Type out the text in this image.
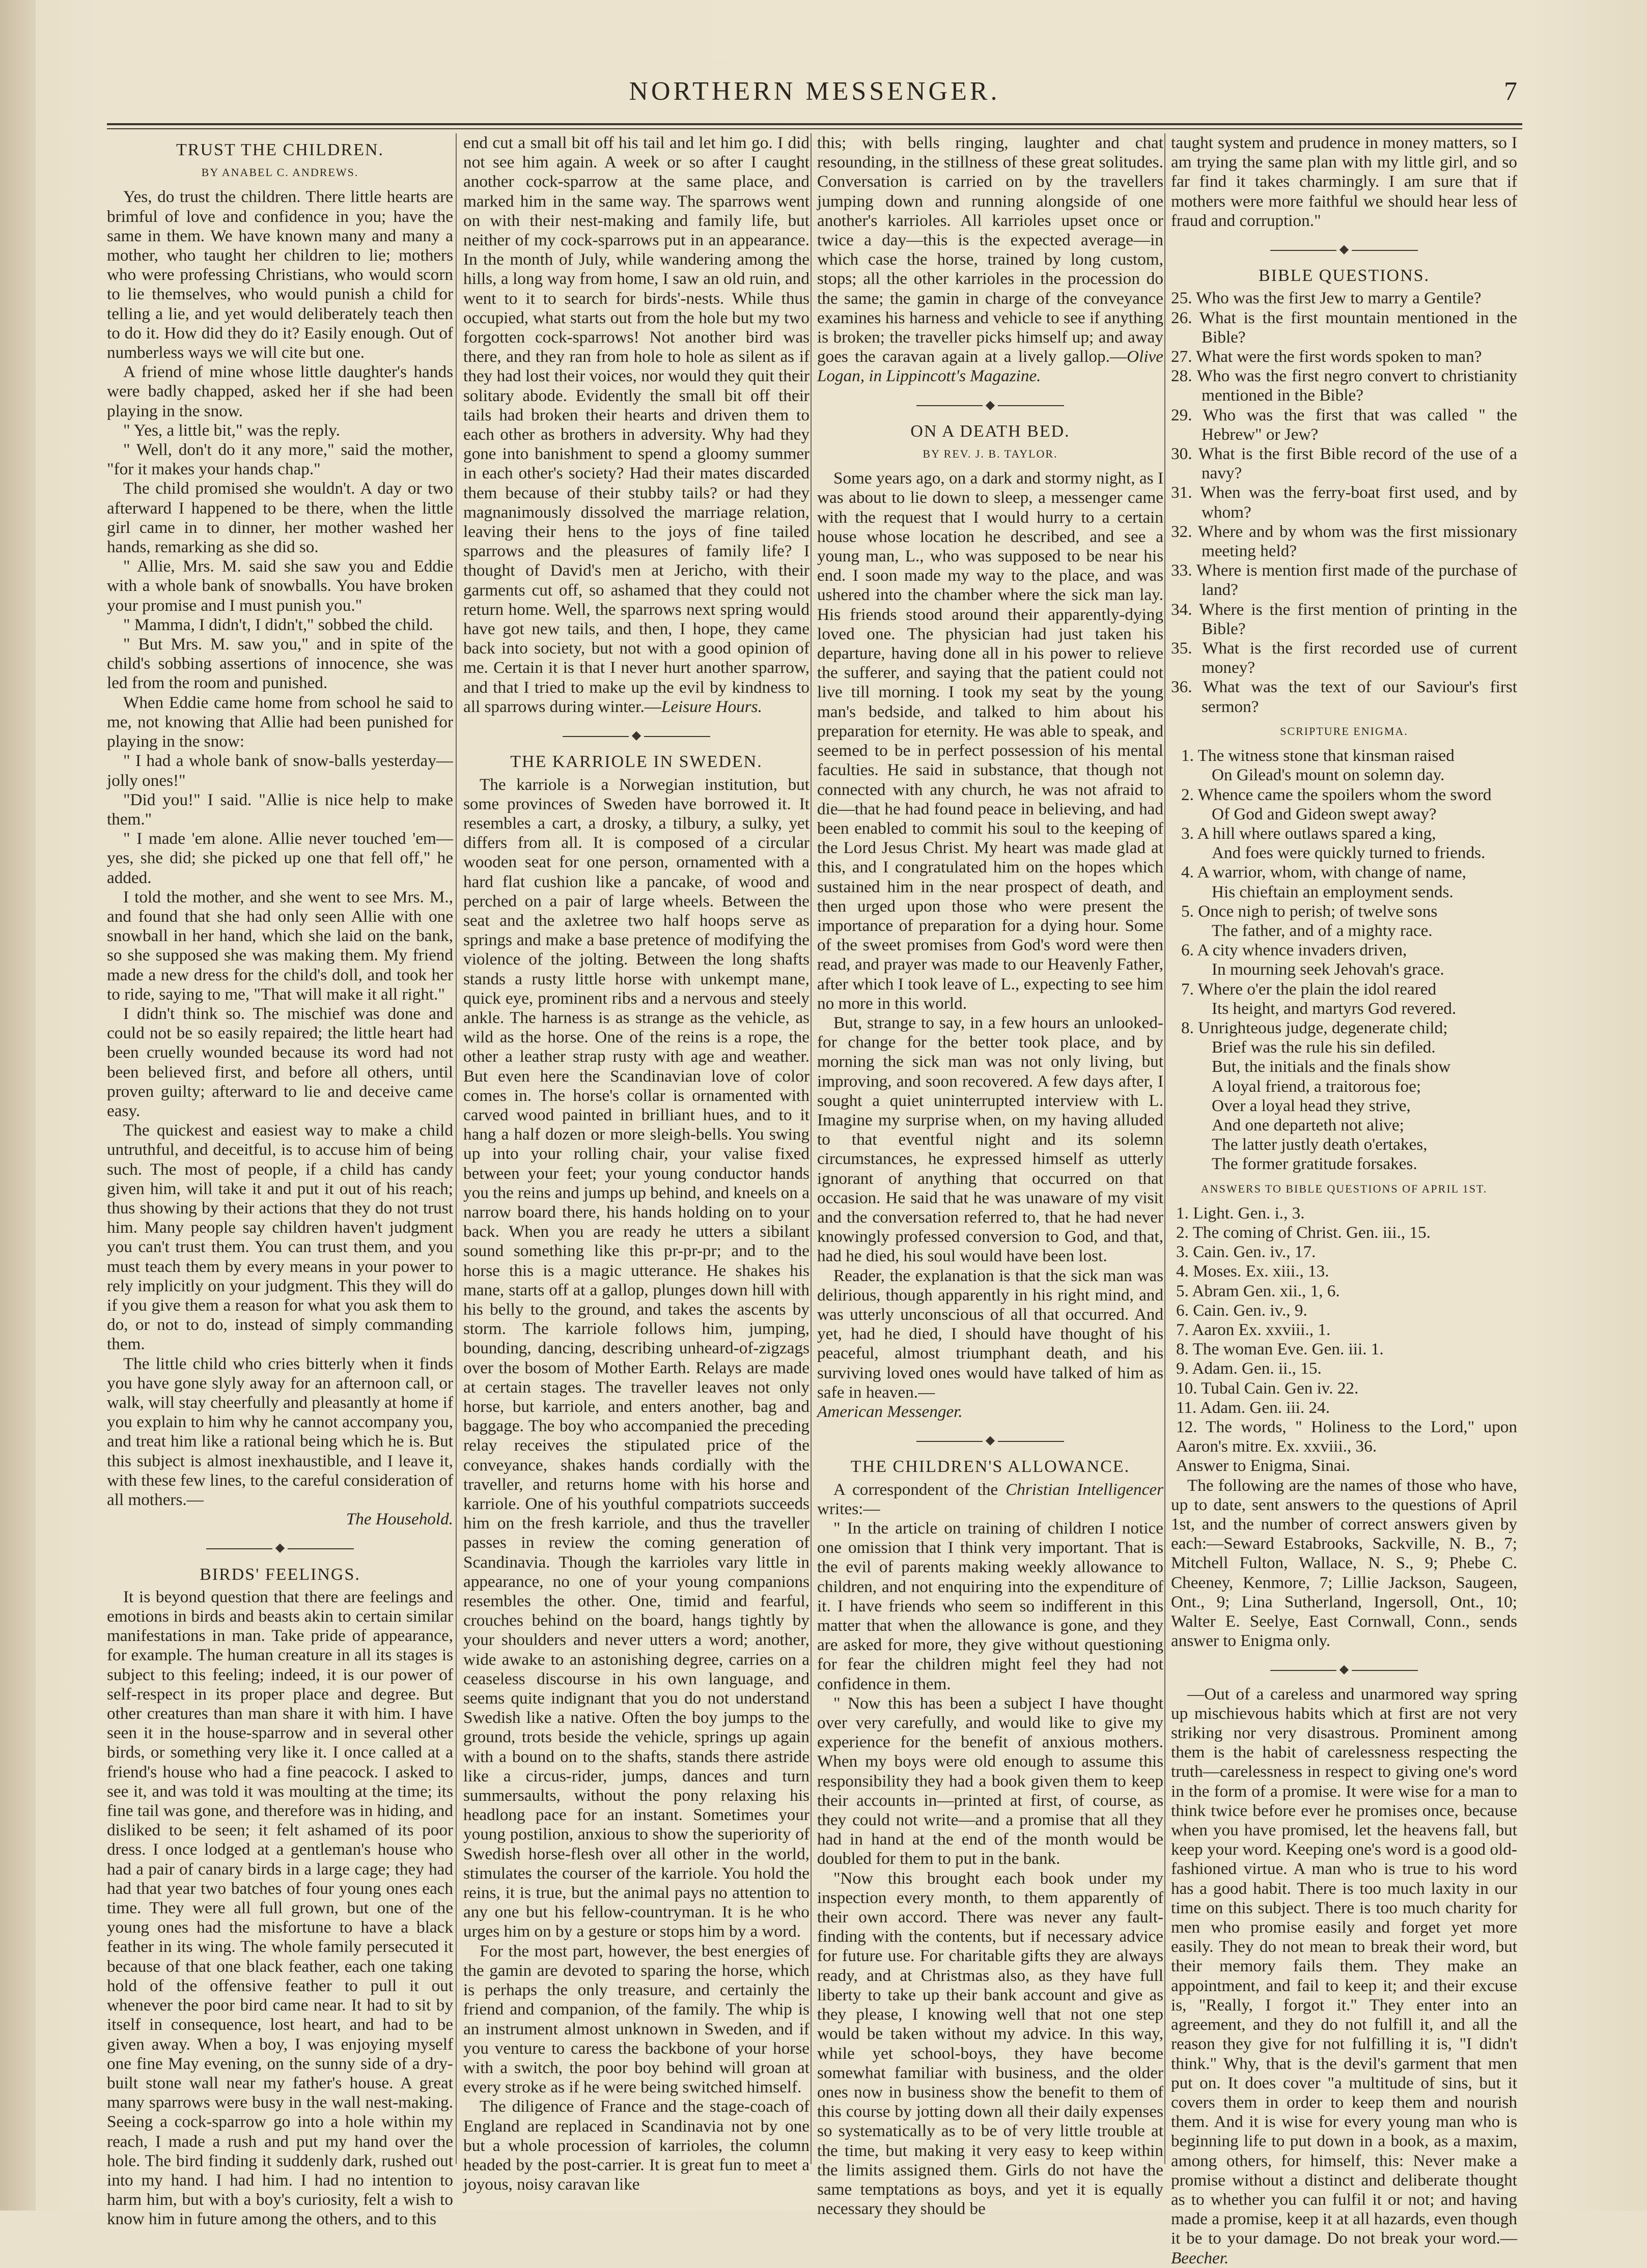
NORTHERN MESSENGER.	7
TRUST THE CHILDREN.
BY ANABEL C. ANDREWS.

Yes, do trust the children. There little hearts are brimful of love and confidence in you; have the same in them. We have known many and many a mother, who taught her children to lie; mothers who were professing Christians, who would scorn to lie themselves, who would punish a child for telling a lie, and yet would deliberately teach then to do it. How did they do it? Easily enough. Out of numberless ways we will cite but one.

A friend of mine whose little daughter's hands were badly chapped, asked her if she had been playing in the snow.

" Yes, a little bit," was the reply.

" Well, don't do it any more," said the mother, "for it makes your hands chap."

The child promised she wouldn't. A day or two afterward I happened to be there, when the little girl came in to dinner, her mother washed her hands, remarking as she did so.

" Allie, Mrs. M. said she saw you and Eddie with a whole bank of snowballs. You have broken your promise and I must punish you."

" Mamma, I didn't, I didn't," sobbed the child.

" But Mrs. M. saw you," and in spite of the child's sobbing assertions of innocence, she was led from the room and punished.

When Eddie came home from school he said to me, not knowing that Allie had been punished for playing in the snow:

" I had a whole bank of snow-balls yesterday—jolly ones!"

"Did you!" I said. "Allie is nice help to make them."

" I made 'em alone. Allie never touched 'em—yes, she did; she picked up one that fell off," he added.

I told the mother, and she went to see Mrs. M., and found that she had only seen Allie with one snowball in her hand, which she laid on the bank, so she supposed she was making them. My friend made a new dress for the child's doll, and took her to ride, saying to me, "That will make it all right."

I didn't think so. The mischief was done and could not be so easily repaired; the little heart had been cruelly wounded because its word had not been believed first, and before all others, until proven guilty; afterward to lie and deceive came easy.

The quickest and easiest way to make a child untruthful, and deceitful, is to accuse him of being such. The most of people, if a child has candy given him, will take it and put it out of his reach; thus showing by their actions that they do not trust him. Many people say children haven't judgment you can't trust them. You can trust them, and you must teach them by every means in your power to rely implicitly on your judgment. This they will do if you give them a reason for what you ask them to do, or not to do, instead of simply commanding them.

The little child who cries bitterly when it finds you have gone slyly away for an afternoon call, or walk, will stay cheerfully and pleasantly at home if you explain to him why he cannot accompany you, and treat him like a rational being which he is. But this subject is almost inexhaustible, and I leave it, with these few lines, to the careful consideration of all mothers.—

The Household.

◆
BIRDS' FEELINGS.

It is beyond question that there are feelings and emotions in birds and beasts akin to certain similar manifestations in man. Take pride of appearance, for example. The human creature in all its stages is subject to this feeling; indeed, it is our power of self-respect in its proper place and degree. But other creatures than man share it with him. I have seen it in the house-sparrow and in several other birds, or something very like it. I once called at a friend's house who had a fine peacock. I asked to see it, and was told it was moulting at the time; its fine tail was gone, and therefore was in hiding, and disliked to be seen; it felt ashamed of its poor dress. I once lodged at a gentleman's house who had a pair of canary birds in a large cage; they had had that year two batches of four young ones each time. They were all full grown, but one of the young ones had the misfortune to have a black feather in its wing. The whole family persecuted it because of that one black feather, each one taking hold of the offensive feather to pull it out whenever the poor bird came near. It had to sit by itself in consequence, lost heart, and had to be given away. When a boy, I was enjoying myself one fine May evening, on the sunny side of a dry-built stone wall near my father's house. A great many sparrows were busy in the wall nest-making. Seeing a cock-sparrow go into a hole within my reach, I made a rush and put my hand over the hole. The bird finding it suddenly dark, rushed out into my hand. I had him. I had no intention to harm him, but with a boy's curiosity, felt a wish to know him in future among the others, and to this

end cut a small bit off his tail and let him go. I did not see him again. A week or so after I caught another cock-sparrow at the same place, and marked him in the same way. The sparrows went on with their nest-making and family life, but neither of my cock-sparrows put in an appearance. In the month of July, while wandering among the hills, a long way from home, I saw an old ruin, and went to it to search for birds'-nests. While thus occupied, what starts out from the hole but my two forgotten cock-sparrows! Not another bird was there, and they ran from hole to hole as silent as if they had lost their voices, nor would they quit their solitary abode. Evidently the small bit off their tails had broken their hearts and driven them to each other as brothers in adversity. Why had they gone into banishment to spend a gloomy summer in each other's society? Had their mates discarded them because of their stubby tails? or had they magnanimously dissolved the marriage relation, leaving their hens to the joys of fine tailed sparrows and the pleasures of family life? I thought of David's men at Jericho, with their garments cut off, so ashamed that they could not return home. Well, the sparrows next spring would have got new tails, and then, I hope, they came back into society, but not with a good opinion of me. Certain it is that I never hurt another sparrow, and that I tried to make up the evil by kindness to all sparrows during winter.—Leisure Hours.

◆
THE KARRIOLE IN SWEDEN.

The karriole is a Norwegian institution, but some provinces of Sweden have borrowed it. It resembles a cart, a drosky, a tilbury, a sulky, yet differs from all. It is composed of a circular wooden seat for one person, ornamented with a hard flat cushion like a pancake, of wood and perched on a pair of large wheels. Between the seat and the axletree two half hoops serve as springs and make a base pretence of modifying the violence of the jolting. Between the long shafts stands a rusty little horse with unkempt mane, quick eye, prominent ribs and a nervous and steely ankle. The harness is as strange as the vehicle, as wild as the horse. One of the reins is a rope, the other a leather strap rusty with age and weather. But even here the Scandinavian love of color comes in. The horse's collar is ornamented with carved wood painted in brilliant hues, and to it hang a half dozen or more sleigh-bells. You swing up into your rolling chair, your valise fixed between your feet; your young conductor hands you the reins and jumps up behind, and kneels on a narrow board there, his hands holding on to your back. When you are ready he utters a sibilant sound something like this pr-pr-pr; and to the horse this is a magic utterance. He shakes his mane, starts off at a gallop, plunges down hill with his belly to the ground, and takes the ascents by storm. The karriole follows him, jumping, bounding, dancing, describing unheard-of-zigzags over the bosom of Mother Earth. Relays are made at certain stages. The traveller leaves not only horse, but karriole, and enters another, bag and baggage. The boy who accompanied the preceding relay receives the stipulated price of the conveyance, shakes hands cordially with the traveller, and returns home with his horse and karriole. One of his youthful compatriots succeeds him on the fresh karriole, and thus the traveller passes in review the coming generation of Scandinavia. Though the karrioles vary little in appearance, no one of your young companions resembles the other. One, timid and fearful, crouches behind on the board, hangs tightly by your shoulders and never utters a word; another, wide awake to an astonishing degree, carries on a ceaseless discourse in his own language, and seems quite indignant that you do not understand Swedish like a native. Often the boy jumps to the ground, trots beside the vehicle, springs up again with a bound on to the shafts, stands there astride like a circus-rider, jumps, dances and turn summersaults, without the pony relaxing his headlong pace for an instant. Sometimes your young postilion, anxious to show the superiority of Swedish horse-flesh over all other in the world, stimulates the courser of the karriole. You hold the reins, it is true, but the animal pays no attention to any one but his fellow-countryman. It is he who urges him on by a gesture or stops him by a word.

For the most part, however, the best energies of the gamin are devoted to sparing the horse, which is perhaps the only treasure, and certainly the friend and companion, of the family. The whip is an instrument almost unknown in Sweden, and if you venture to caress the backbone of your horse with a switch, the poor boy behind will groan at every stroke as if he were being switched himself.

The diligence of France and the stage-coach of England are replaced in Scandinavia not by one but a whole procession of karrioles, the column headed by the post-carrier. It is great fun to meet a joyous, noisy caravan like

this; with bells ringing, laughter and chat resounding, in the stillness of these great solitudes. Conversation is carried on by the travellers jumping down and running alongside of one another's karrioles. All karrioles upset once or twice a day—this is the expected average—in which case the horse, trained by long custom, stops; all the other karrioles in the procession do the same; the gamin in charge of the conveyance examines his harness and vehicle to see if anything is broken; the traveller picks himself up; and away goes the caravan again at a lively gallop.—Olive Logan, in Lippincott's Magazine.

◆
ON A DEATH BED.
BY REV. J. B. TAYLOR.

Some years ago, on a dark and stormy night, as I was about to lie down to sleep, a messenger came with the request that I would hurry to a certain house whose location he described, and see a young man, L., who was supposed to be near his end. I soon made my way to the place, and was ushered into the chamber where the sick man lay. His friends stood around their apparently-dying loved one. The physician had just taken his departure, having done all in his power to relieve the sufferer, and saying that the patient could not live till morning. I took my seat by the young man's bedside, and talked to him about his preparation for eternity. He was able to speak, and seemed to be in perfect possession of his mental faculties. He said in substance, that though not connected with any church, he was not afraid to die—that he had found peace in believing, and had been enabled to commit his soul to the keeping of the Lord Jesus Christ. My heart was made glad at this, and I congratulated him on the hopes which sustained him in the near prospect of death, and then urged upon those who were present the importance of preparation for a dying hour. Some of the sweet promises from God's word were then read, and prayer was made to our Heavenly Father, after which I took leave of L., expecting to see him no more in this world.

But, strange to say, in a few hours an unlooked-for change for the better took place, and by morning the sick man was not only living, but improving, and soon recovered. A few days after, I sought a quiet uninterrupted interview with L. Imagine my surprise when, on my having alluded to that eventful night and its solemn circumstances, he expressed himself as utterly ignorant of anything that occurred on that occasion. He said that he was unaware of my visit and the conversation referred to, that he had never knowingly professed conversion to God, and that, had he died, his soul would have been lost.

Reader, the explanation is that the sick man was delirious, though apparently in his right mind, and was utterly unconscious of all that occurred. And yet, had he died, I should have thought of his peaceful, almost triumphant death, and his surviving loved ones would have talked of him as safe in heaven.—

American Messenger.

◆
THE CHILDREN'S ALLOWANCE.

A correspondent of the Christian Intelligencer writes:—

" In the article on training of children I notice one omission that I think very important. That is the evil of parents making weekly allowance to children, and not enquiring into the expenditure of it. I have friends who seem so indifferent in this matter that when the allowance is gone, and they are asked for more, they give without questioning for fear the children might feel they had not confidence in them.

" Now this has been a subject I have thought over very carefully, and would like to give my experience for the benefit of anxious mothers. When my boys were old enough to assume this responsibility they had a book given them to keep their accounts in—printed at first, of course, as they could not write—and a promise that all they had in hand at the end of the month would be doubled for them to put in the bank.

"Now this brought each book under my inspection every month, to them apparently of their own accord. There was never any fault-finding with the contents, but if necessary advice for future use. For charitable gifts they are always ready, and at Christmas also, as they have full liberty to take up their bank account and give as they please, I knowing well that not one step would be taken without my advice. In this way, while yet school-boys, they have become somewhat familiar with business, and the older ones now in business show the benefit to them of this course by jotting down all their daily expenses so systematically as to be of very little trouble at the time, but making it very easy to keep within the limits assigned them. Girls do not have the same temptations as boys, and yet it is equally necessary they should be

taught system and prudence in money matters, so I am trying the same plan with my little girl, and so far find it takes charmingly. I am sure that if mothers were more faithful we should hear less of fraud and corruption."

◆
BIBLE QUESTIONS.
25. Who was the first Jew to marry a Gentile?
26. What is the first mountain mentioned in the Bible?
27. What were the first words spoken to man?
28. Who was the first negro convert to christianity mentioned in the Bible?
29. Who was the first that was called " the Hebrew" or Jew?
30. What is the first Bible record of the use of a navy?
31. When was the ferry-boat first used, and by whom?
32. Where and by whom was the first missionary meeting held?
33. Where is mention first made of the purchase of land?
34. Where is the first mention of printing in the Bible?
35. What is the first recorded use of current money?
36. What was the text of our Saviour's first sermon?
SCRIPTURE ENIGMA.
1. The witness stone that kinsman raised
On Gilead's mount on solemn day.
2. Whence came the spoilers whom the sword
Of God and Gideon swept away?
3. A hill where outlaws spared a king,
And foes were quickly turned to friends.
4. A warrior, whom, with change of name,
His chieftain an employment sends.
5. Once nigh to perish; of twelve sons
The father, and of a mighty race.
6. A city whence invaders driven,
In mourning seek Jehovah's grace.
7. Where o'er the plain the idol reared
Its height, and martyrs God revered.
8. Unrighteous judge, degenerate child;
Brief was the rule his sin defiled.
But, the initials and the finals show
A loyal friend, a traitorous foe;
Over a loyal head they strive,
And one departeth not alive;
The latter justly death o'ertakes,
The former gratitude forsakes.
ANSWERS TO BIBLE QUESTIONS OF APRIL 1ST.
1. Light. Gen. i., 3.
2. The coming of Christ. Gen. iii., 15.
3. Cain. Gen. iv., 17.
4. Moses. Ex. xiii., 13.
5. Abram Gen. xii., 1, 6.
6. Cain. Gen. iv., 9.
7. Aaron Ex. xxviii., 1.
8. The woman Eve. Gen. iii. 1.
9. Adam. Gen. ii., 15.
10. Tubal Cain. Gen iv. 22.
11. Adam. Gen. iii. 24.
12. The words, " Holiness to the Lord," upon Aaron's mitre. Ex. xxviii., 36.
Answer to Enigma, Sinai.

The following are the names of those who have, up to date, sent answers to the questions of April 1st, and the number of correct answers given by each:—Seward Estabrooks, Sackville, N. B., 7; Mitchell Fulton, Wallace, N. S., 9; Phebe C. Cheeney, Kenmore, 7; Lillie Jackson, Saugeen, Ont., 9; Lina Sutherland, Ingersoll, Ont., 10; Walter E. Seelye, East Cornwall, Conn., sends answer to Enigma only.

◆

—Out of a careless and unarmored way spring up mischievous habits which at first are not very striking nor very disastrous. Prominent among them is the habit of carelessness respecting the truth—carelessness in respect to giving one's word in the form of a promise. It were wise for a man to think twice before ever he promises once, because when you have promised, let the heavens fall, but keep your word. Keeping one's word is a good old-fashioned virtue. A man who is true to his word has a good habit. There is too much laxity in our time on this subject. There is too much charity for men who promise easily and forget yet more easily. They do not mean to break their word, but their memory fails them. They make an appointment, and fail to keep it; and their excuse is, "Really, I forgot it." They enter into an agreement, and they do not fulfill it, and all the reason they give for not fulfilling it is, "I didn't think." Why, that is the devil's garment that men put on. It does cover "a multitude of sins, but it covers them in order to keep them and nourish them. And it is wise for every young man who is beginning life to put down in a book, as a maxim, among others, for himself, this: Never make a promise without a distinct and deliberate thought as to whether you can fulfil it or not; and having made a promise, keep it at all hazards, even though it be to your damage. Do not break your word.—Beecher.
